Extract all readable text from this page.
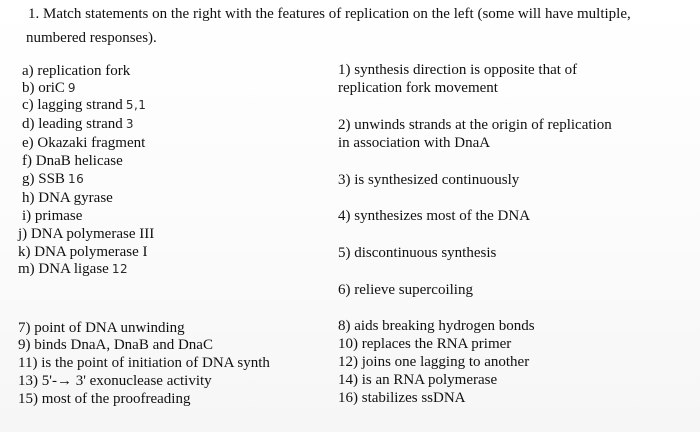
1. Match statements on the right with the features of replication on the left (some will have multiple,
numbered responses).
a) replication fork
b) oriC 9
c) lagging strand 5,1
d) leading strand 3
e) Okazaki fragment
f) DnaB helicase
g) SSB 16
h) DNA gyrase
i) primase
j) DNA polymerase III
k) DNA polymerase I
m) DNA ligase 12
1) synthesis direction is opposite that of
replication fork movement
2) unwinds strands at the origin of replication
in association with DnaA
3) is synthesized continuously
4) synthesizes most of the DNA
5) discontinuous synthesis
6) relieve supercoiling
7) point of DNA unwinding
9) binds DnaA, DnaB and DnaC
11) is the point of initiation of DNA synth
13) 5'-→ 3' exonuclease activity
15) most of the proofreading
8) aids breaking hydrogen bonds
10) replaces the RNA primer
12) joins one lagging to another
14) is an RNA polymerase
16) stabilizes ssDNA
